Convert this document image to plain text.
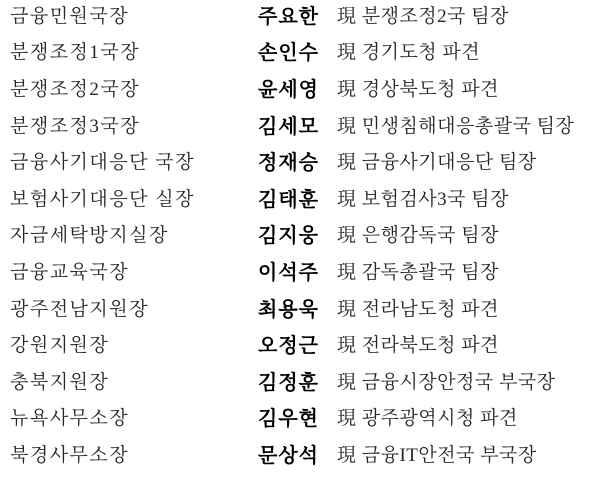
금융민원국장	주요한 現 분쟁조정2국 팀장
분쟁조정1국장	손인수 現 경기도청 파견
분쟁조정2국장	윤세영 現 경상북도청 파견
분쟁조정3국장	김세모 現 민생침해대응총괄국 팀장
금융사기대응단 국장	정재승 現 금융사기대응단 팀장
보험사기대응단 실장	김태훈 現 보험검사3국 팀장
자금세탁방지실장	김지웅 現 은행감독국 팀장
금융교육국장	이석주 現 감독총괄국 팀장
광주전남지원장	최용욱 現 전라남도청 파견
강원지원장	오정근 現 전라북도청 파견
충북지원장	김정훈 現 금융시장안정국 부국장
뉴욕사무소장	김우현 現 광주광역시청 파견
북경사무소장	문상석 現 금융IT안전국 부국장
